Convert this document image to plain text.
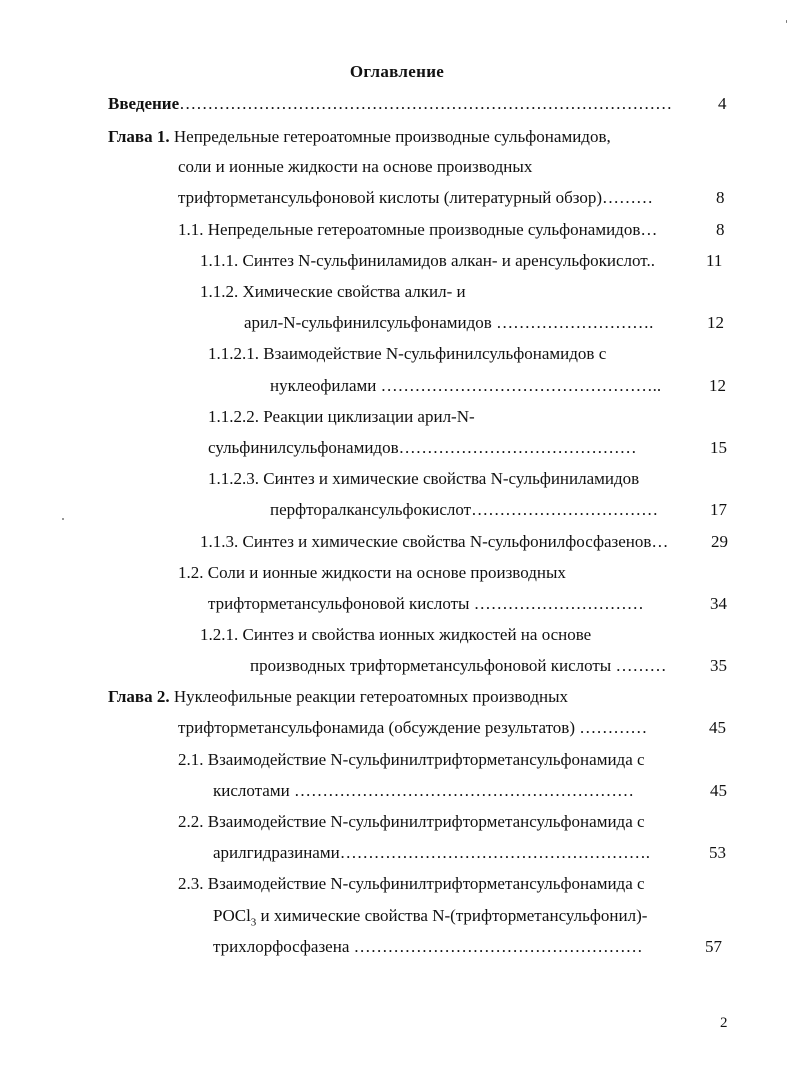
Оглавление
Введение……………………………………………………………………………	4
Глава 1. Непредельные гетероатомные производные сульфонамидов,
соли и ионные жидкости на основе производных
трифторметансульфоновой кислоты (литературный обзор)………	8
1.1. Непредельные гетероатомные производные сульфонамидов…	8
1.1.1. Синтез N-сульфиниламидов алкан- и аренсульфокислот..	11
1.1.2. Химические свойства алкил- и
арил-N-сульфинилсульфонамидов ……………………….	12
1.1.2.1. Взаимодействие N-сульфинилсульфонамидов с
нуклеофилами …………………………………………..	12
1.1.2.2. Реакции циклизации арил-N-
сульфинилсульфонамидов……………………………………	15
1.1.2.3. Синтез и химические свойства N-сульфиниламидов
перфторалкансульфокислот……………………………	17
1.1.3. Синтез и химические свойства N-сульфонилфосфазенов…	29
1.2. Соли и ионные жидкости на основе производных
трифторметансульфоновой кислоты …………………………	34
1.2.1. Синтез и свойства ионных жидкостей на основе
производных трифторметансульфоновой кислоты ………	35
Глава 2. Нуклеофильные реакции гетероатомных производных
трифторметансульфонамида (обсуждение результатов) …………	45
2.1. Взаимодействие N-сульфинилтрифторметансульфонамида с
кислотами ……………………………………………………	45
2.2. Взаимодействие N-сульфинилтрифторметансульфонамида с
арилгидразинами……………………………………………….	53
2.3. Взаимодействие N-сульфинилтрифторметансульфонамида с
POCl$_3$ и химические свойства N-(трифторметансульфонил)-
трихлорфосфазена ……………………………………………	57
2
